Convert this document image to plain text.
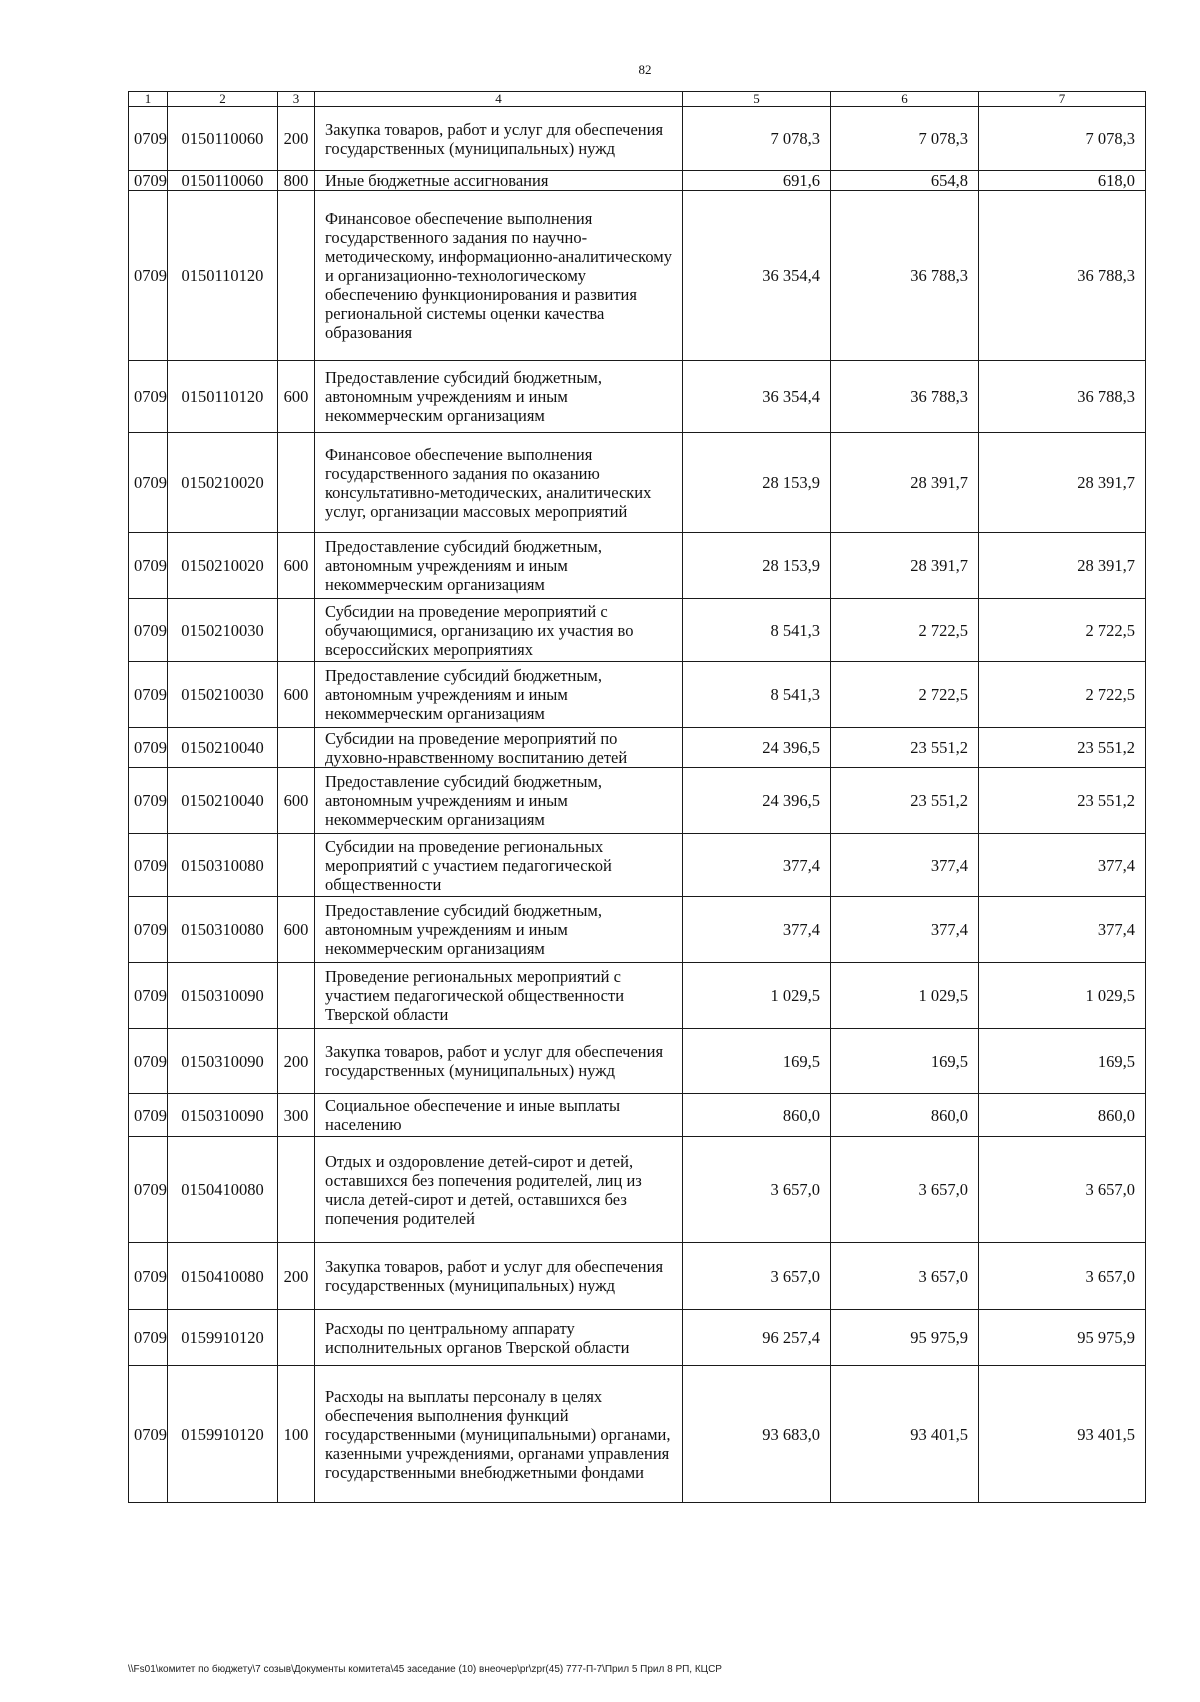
82
1	2	3	4	5	6	7
0709	0150110060	200	Закупка товаров, работ и услуг для обеспечения государственных (муниципальных) нужд	7 078,3	7 078,3	7 078,3
0709	0150110060	800	Иные бюджетные ассигнования	691,6	654,8	618,0
0709	0150110120		Финансовое обеспечение выполнения государственного задания по научно-методическому, информационно-аналитическому и организационно-технологическому обеспечению функционирования и развития региональной системы оценки качества образования	36 354,4	36 788,3	36 788,3
0709	0150110120	600	Предоставление субсидий бюджетным, автономным учреждениям и иным некоммерческим организациям	36 354,4	36 788,3	36 788,3
0709	0150210020		Финансовое обеспечение выполнения государственного задания по оказанию консультативно-методических, аналитических услуг, организации массовых мероприятий	28 153,9	28 391,7	28 391,7
0709	0150210020	600	Предоставление субсидий бюджетным, автономным учреждениям и иным некоммерческим организациям	28 153,9	28 391,7	28 391,7
0709	0150210030		Субсидии на проведение мероприятий с обучающимися, организацию их участия во всероссийских мероприятиях	8 541,3	2 722,5	2 722,5
0709	0150210030	600	Предоставление субсидий бюджетным, автономным учреждениям и иным некоммерческим организациям	8 541,3	2 722,5	2 722,5
0709	0150210040		Субсидии на проведение мероприятий по духовно-нравственному воспитанию детей	24 396,5	23 551,2	23 551,2
0709	0150210040	600	Предоставление субсидий бюджетным, автономным учреждениям и иным некоммерческим организациям	24 396,5	23 551,2	23 551,2
0709	0150310080		Субсидии на проведение региональных мероприятий с участием педагогической общественности	377,4	377,4	377,4
0709	0150310080	600	Предоставление субсидий бюджетным, автономным учреждениям и иным некоммерческим организациям	377,4	377,4	377,4
0709	0150310090		Проведение региональных мероприятий с участием педагогической общественности Тверской области	1 029,5	1 029,5	1 029,5
0709	0150310090	200	Закупка товаров, работ и услуг для обеспечения государственных (муниципальных) нужд	169,5	169,5	169,5
0709	0150310090	300	Социальное обеспечение и иные выплаты населению	860,0	860,0	860,0
0709	0150410080		Отдых и оздоровление детей-сирот и детей, оставшихся без попечения родителей, лиц из числа детей-сирот и детей, оставшихся без попечения родителей	3 657,0	3 657,0	3 657,0
0709	0150410080	200	Закупка товаров, работ и услуг для обеспечения государственных (муниципальных) нужд	3 657,0	3 657,0	3 657,0
0709	0159910120		Расходы по центральному аппарату исполнительных органов Тверской области	96 257,4	95 975,9	95 975,9
0709	0159910120	100	Расходы на выплаты персоналу в целях обеспечения выполнения функций государственными (муниципальными) органами, казенными учреждениями, органами управления государственными внебюджетными фондами	93 683,0	93 401,5	93 401,5
\\Fs01\комитет по бюджету\7 созыв\Документы комитета\45 заседание (10) внеочер\pr\zpr(45) 777-П-7\Прил 5 Прил 8 РП, КЦСР
